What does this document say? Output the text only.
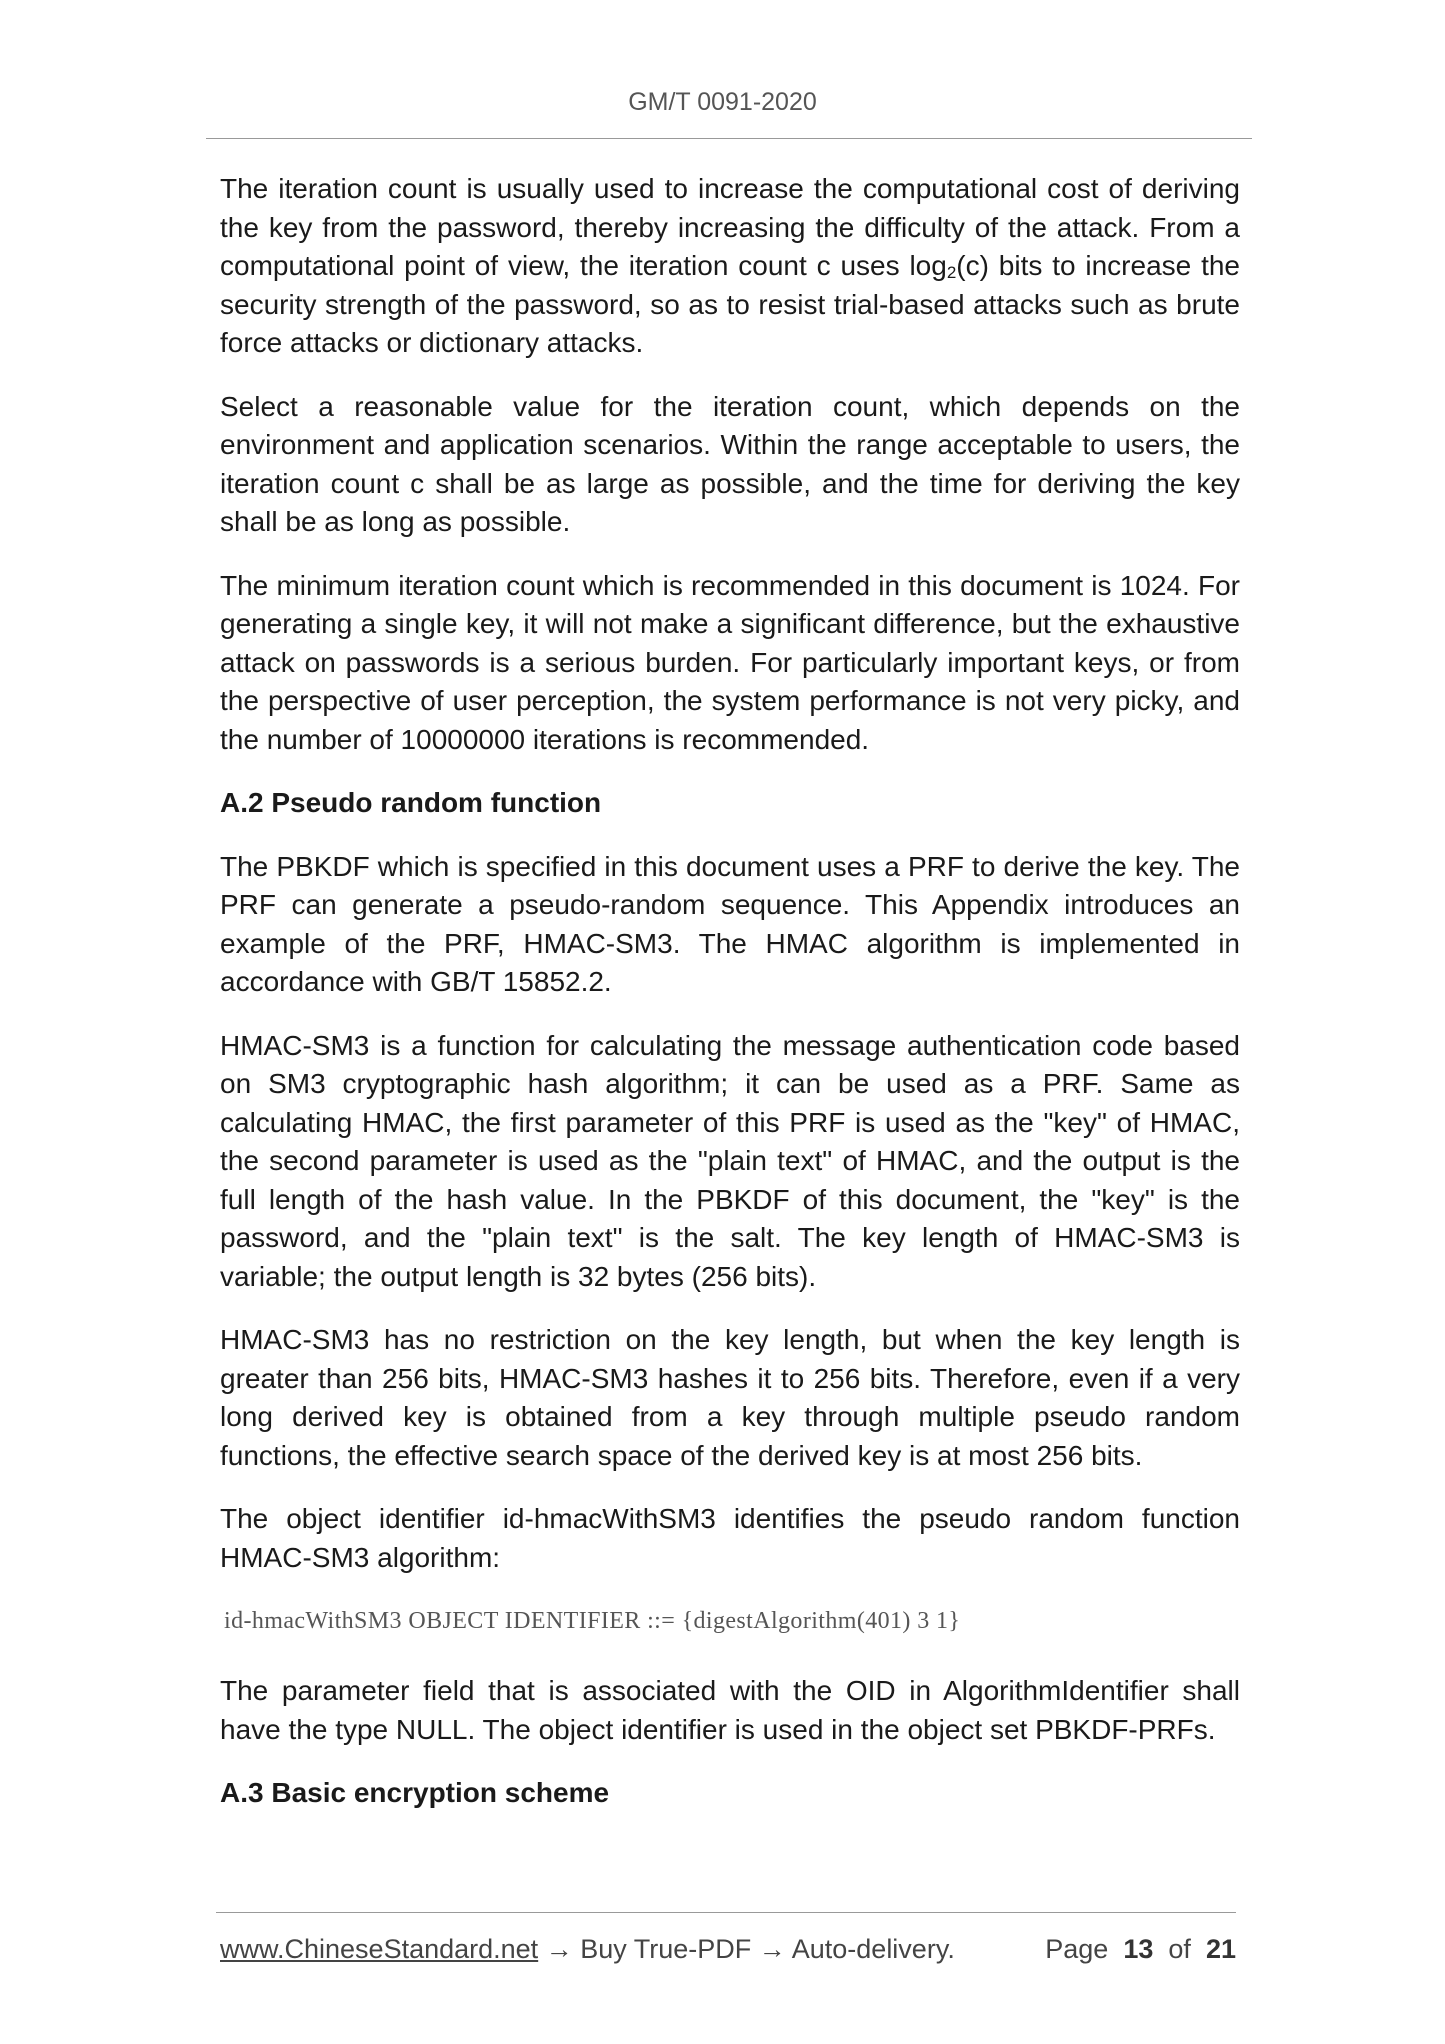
GM/T 0091-2020

The iteration count is usually used to increase the computational cost of deriving the key from the password, thereby increasing the difficulty of the attack. From a computational point of view, the iteration count c uses $\log_2(c)$ bits to increase the security strength of the password, so as to resist trial-based attacks such as brute force attacks or dictionary attacks.

Select a reasonable value for the iteration count, which depends on the environment and application scenarios. Within the range acceptable to users, the iteration count c shall be as large as possible, and the time for deriving the key shall be as long as possible.

The minimum iteration count which is recommended in this document is 1024. For generating a single key, it will not make a significant difference, but the exhaustive attack on passwords is a serious burden. For particularly important keys, or from the perspective of user perception, the system performance is not very picky, and the number of 10000000 iterations is recommended.

A.2 Pseudo random function

The PBKDF which is specified in this document uses a PRF to derive the key. The PRF can generate a pseudo-random sequence. This Appendix introduces an example of the PRF, HMAC-SM3. The HMAC algorithm is implemented in accordance with GB/T 15852.2.

HMAC-SM3 is a function for calculating the message authentication code based on SM3 cryptographic hash algorithm; it can be used as a PRF. Same as calculating HMAC, the first parameter of this PRF is used as the "key" of HMAC, the second parameter is used as the "plain text" of HMAC, and the output is the full length of the hash value. In the PBKDF of this document, the "key" is the password, and the "plain text" is the salt. The key length of HMAC-SM3 is variable; the output length is 32 bytes (256 bits).

HMAC-SM3 has no restriction on the key length, but when the key length is greater than 256 bits, HMAC-SM3 hashes it to 256 bits. Therefore, even if a very long derived key is obtained from a key through multiple pseudo random functions, the effective search space of the derived key is at most 256 bits.

The object identifier id-hmacWithSM3 identifies the pseudo random function HMAC-SM3 algorithm:

id-hmacWithSM3 OBJECT IDENTIFIER ::= {digestAlgorithm(401) 3 1}

The parameter field that is associated with the OID in AlgorithmIdentifier shall have the type NULL. The object identifier is used in the object set PBKDF-PRFs.

A.3 Basic encryption scheme
www.ChineseStandard.net → Buy True-PDF → Auto-delivery.	Page 13 of 21
